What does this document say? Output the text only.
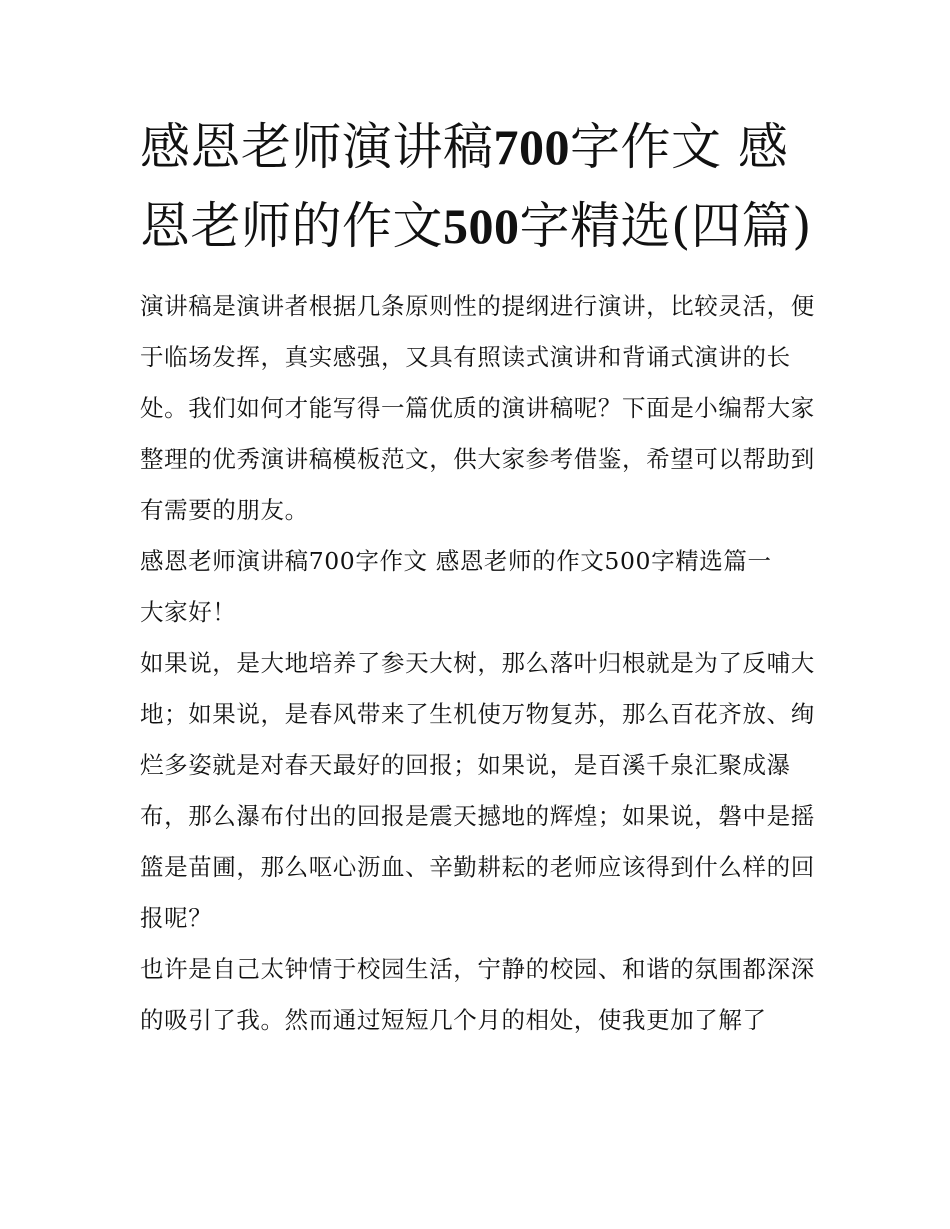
感恩老师演讲稿700字作文 感恩老师的作文500字精选(四篇)

演讲稿是演讲者根据几条原则性的提纲进行演讲，比较灵活，便于临场发挥，真实感强，又具有照读式演讲和背诵式演讲的长处。我们如何才能写得一篇优质的演讲稿呢？下面是小编帮大家整理的优秀演讲稿模板范文，供大家参考借鉴，希望可以帮助到有需要的朋友。

感恩老师演讲稿700字作文 感恩老师的作文500字精选篇一

大家好！

如果说，是大地培养了参天大树，那么落叶归根就是为了反哺大地；如果说，是春风带来了生机使万物复苏，那么百花齐放、绚烂多姿就是对春天最好的回报；如果说，是百溪千泉汇聚成瀑布，那么瀑布付出的回报是震天撼地的辉煌；如果说，磐中是摇篮是苗圃，那么呕心沥血、辛勤耕耘的老师应该得到什么样的回报呢？

也许是自己太钟情于校园生活，宁静的校园、和谐的氛围都深深的吸引了我。然而通过短短几个月的相处，使我更加了解了
